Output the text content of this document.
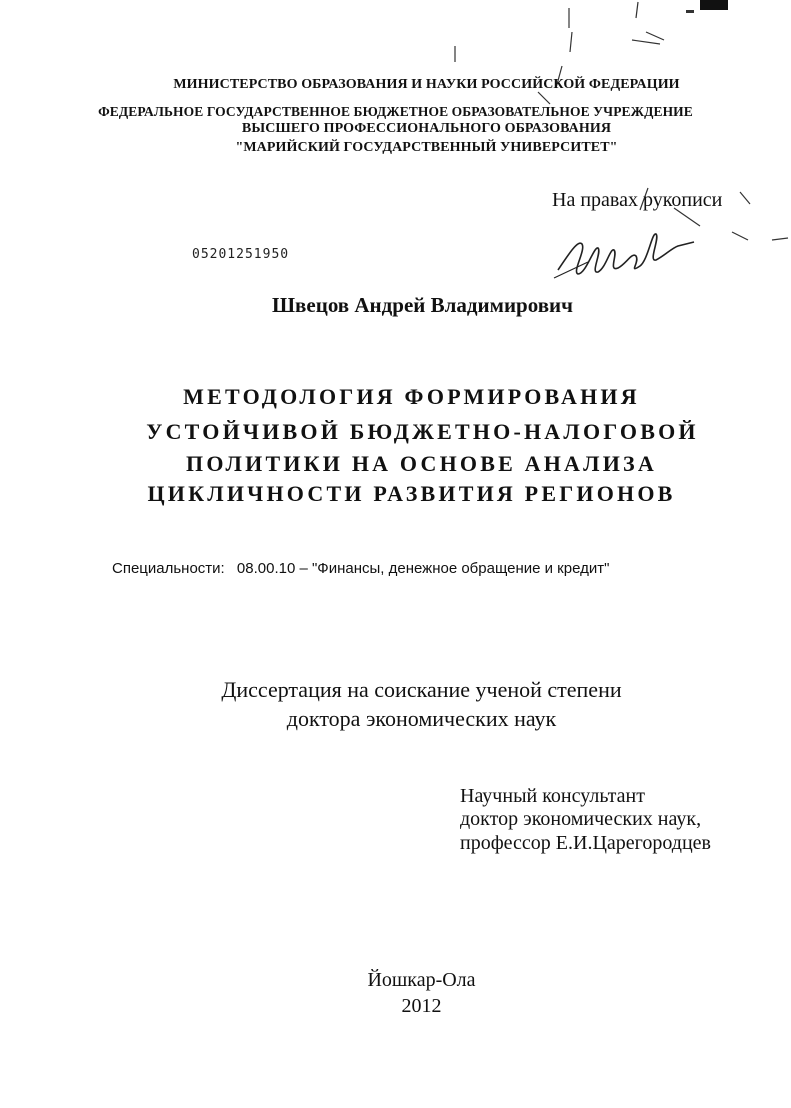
МИНИСТЕРСТВО ОБРАЗОВАНИЯ И НАУКИ РОССИЙСКОЙ ФЕДЕРАЦИИ
ФЕДЕРАЛЬНОЕ ГОСУДАРСТВЕННОЕ БЮДЖЕТНОЕ ОБРАЗОВАТЕЛЬНОЕ УЧРЕЖДЕНИЕ
ВЫСШЕГО ПРОФЕССИОНАЛЬНОГО ОБРАЗОВАНИЯ
"МАРИЙСКИЙ ГОСУДАРСТВЕННЫЙ УНИВЕРСИТЕТ"
На правах рукописи
05201251950
Швецов Андрей Владимирович
МЕТОДОЛОГИЯ ФОРМИРОВАНИЯ
УСТОЙЧИВОЙ БЮДЖЕТНО-НАЛОГОВОЙ
ПОЛИТИКИ НА ОСНОВЕ АНАЛИЗА
ЦИКЛИЧНОСТИ РАЗВИТИЯ РЕГИОНОВ
Специальности: 08.00.10 – "Финансы, денежное обращение и кредит"
Диссертация на соискание ученой степени
доктора экономических наук
Научный консультант
доктор экономических наук,
профессор Е.И.Царегородцев
Йошкар-Ола
2012
